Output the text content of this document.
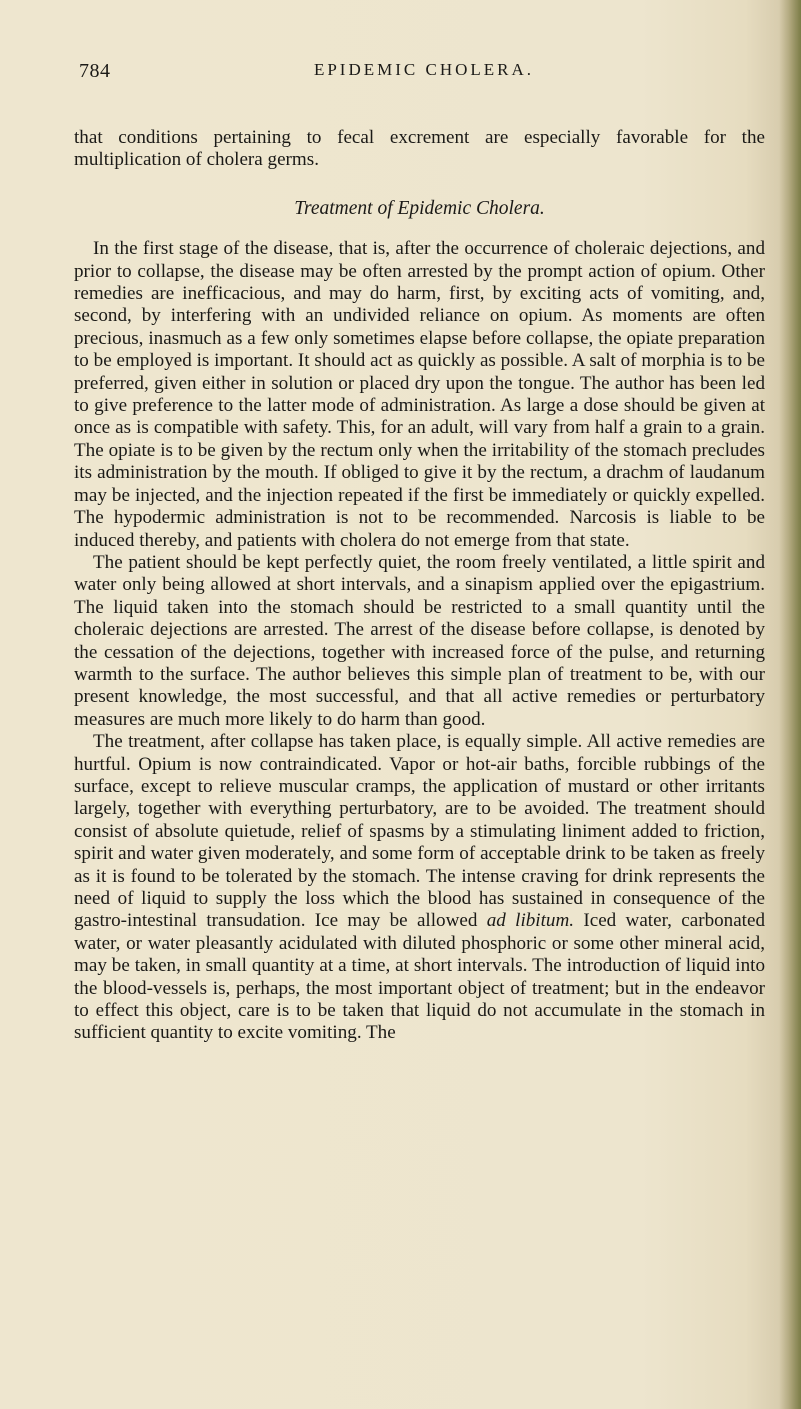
784	EPIDEMIC CHOLERA.

that conditions pertaining to fecal excrement are especially favorable for the multiplication of cholera germs.

Treatment of Epidemic Cholera.

In the first stage of the disease, that is, after the occurrence of choleraic dejections, and prior to collapse, the disease may be often arrested by the prompt action of opium. Other remedies are inefficacious, and may do harm, first, by exciting acts of vomiting, and, second, by interfering with an undivided reliance on opium. As moments are often precious, inasmuch as a few only sometimes elapse before collapse, the opiate preparation to be employed is important. It should act as quickly as possible. A salt of morphia is to be preferred, given either in solution or placed dry upon the tongue. The author has been led to give preference to the latter mode of administration. As large a dose should be given at once as is compatible with safety. This, for an adult, will vary from half a grain to a grain. The opiate is to be given by the rectum only when the irritability of the stomach precludes its administration by the mouth. If obliged to give it by the rectum, a drachm of laudanum may be injected, and the injection repeated if the first be immediately or quickly expelled. The hypodermic administration is not to be recommended. Narcosis is liable to be induced thereby, and patients with cholera do not emerge from that state.

The patient should be kept perfectly quiet, the room freely ventilated, a little spirit and water only being allowed at short intervals, and a sinapism applied over the epigastrium. The liquid taken into the stomach should be restricted to a small quantity until the choleraic dejections are arrested. The arrest of the disease before collapse, is denoted by the cessation of the dejections, together with increased force of the pulse, and returning warmth to the surface. The author believes this simple plan of treatment to be, with our present knowledge, the most successful, and that all active remedies or perturbatory measures are much more likely to do harm than good.

The treatment, after collapse has taken place, is equally simple. All active remedies are hurtful. Opium is now contraindicated. Vapor or hot-air baths, forcible rubbings of the surface, except to relieve muscular cramps, the application of mustard or other irritants largely, together with everything perturbatory, are to be avoided. The treatment should consist of absolute quietude, relief of spasms by a stimulating liniment added to friction, spirit and water given moderately, and some form of acceptable drink to be taken as freely as it is found to be tolerated by the stomach. The intense craving for drink represents the need of liquid to supply the loss which the blood has sustained in consequence of the gastro-intestinal transudation. Ice may be allowed ad libitum. Iced water, carbonated water, or water pleasantly acidulated with diluted phosphoric or some other mineral acid, may be taken, in small quantity at a time, at short intervals. The introduction of liquid into the blood-vessels is, perhaps, the most important object of treatment; but in the endeavor to effect this object, care is to be taken that liquid do not accumulate in the stomach in sufficient quantity to excite vomiting. The
